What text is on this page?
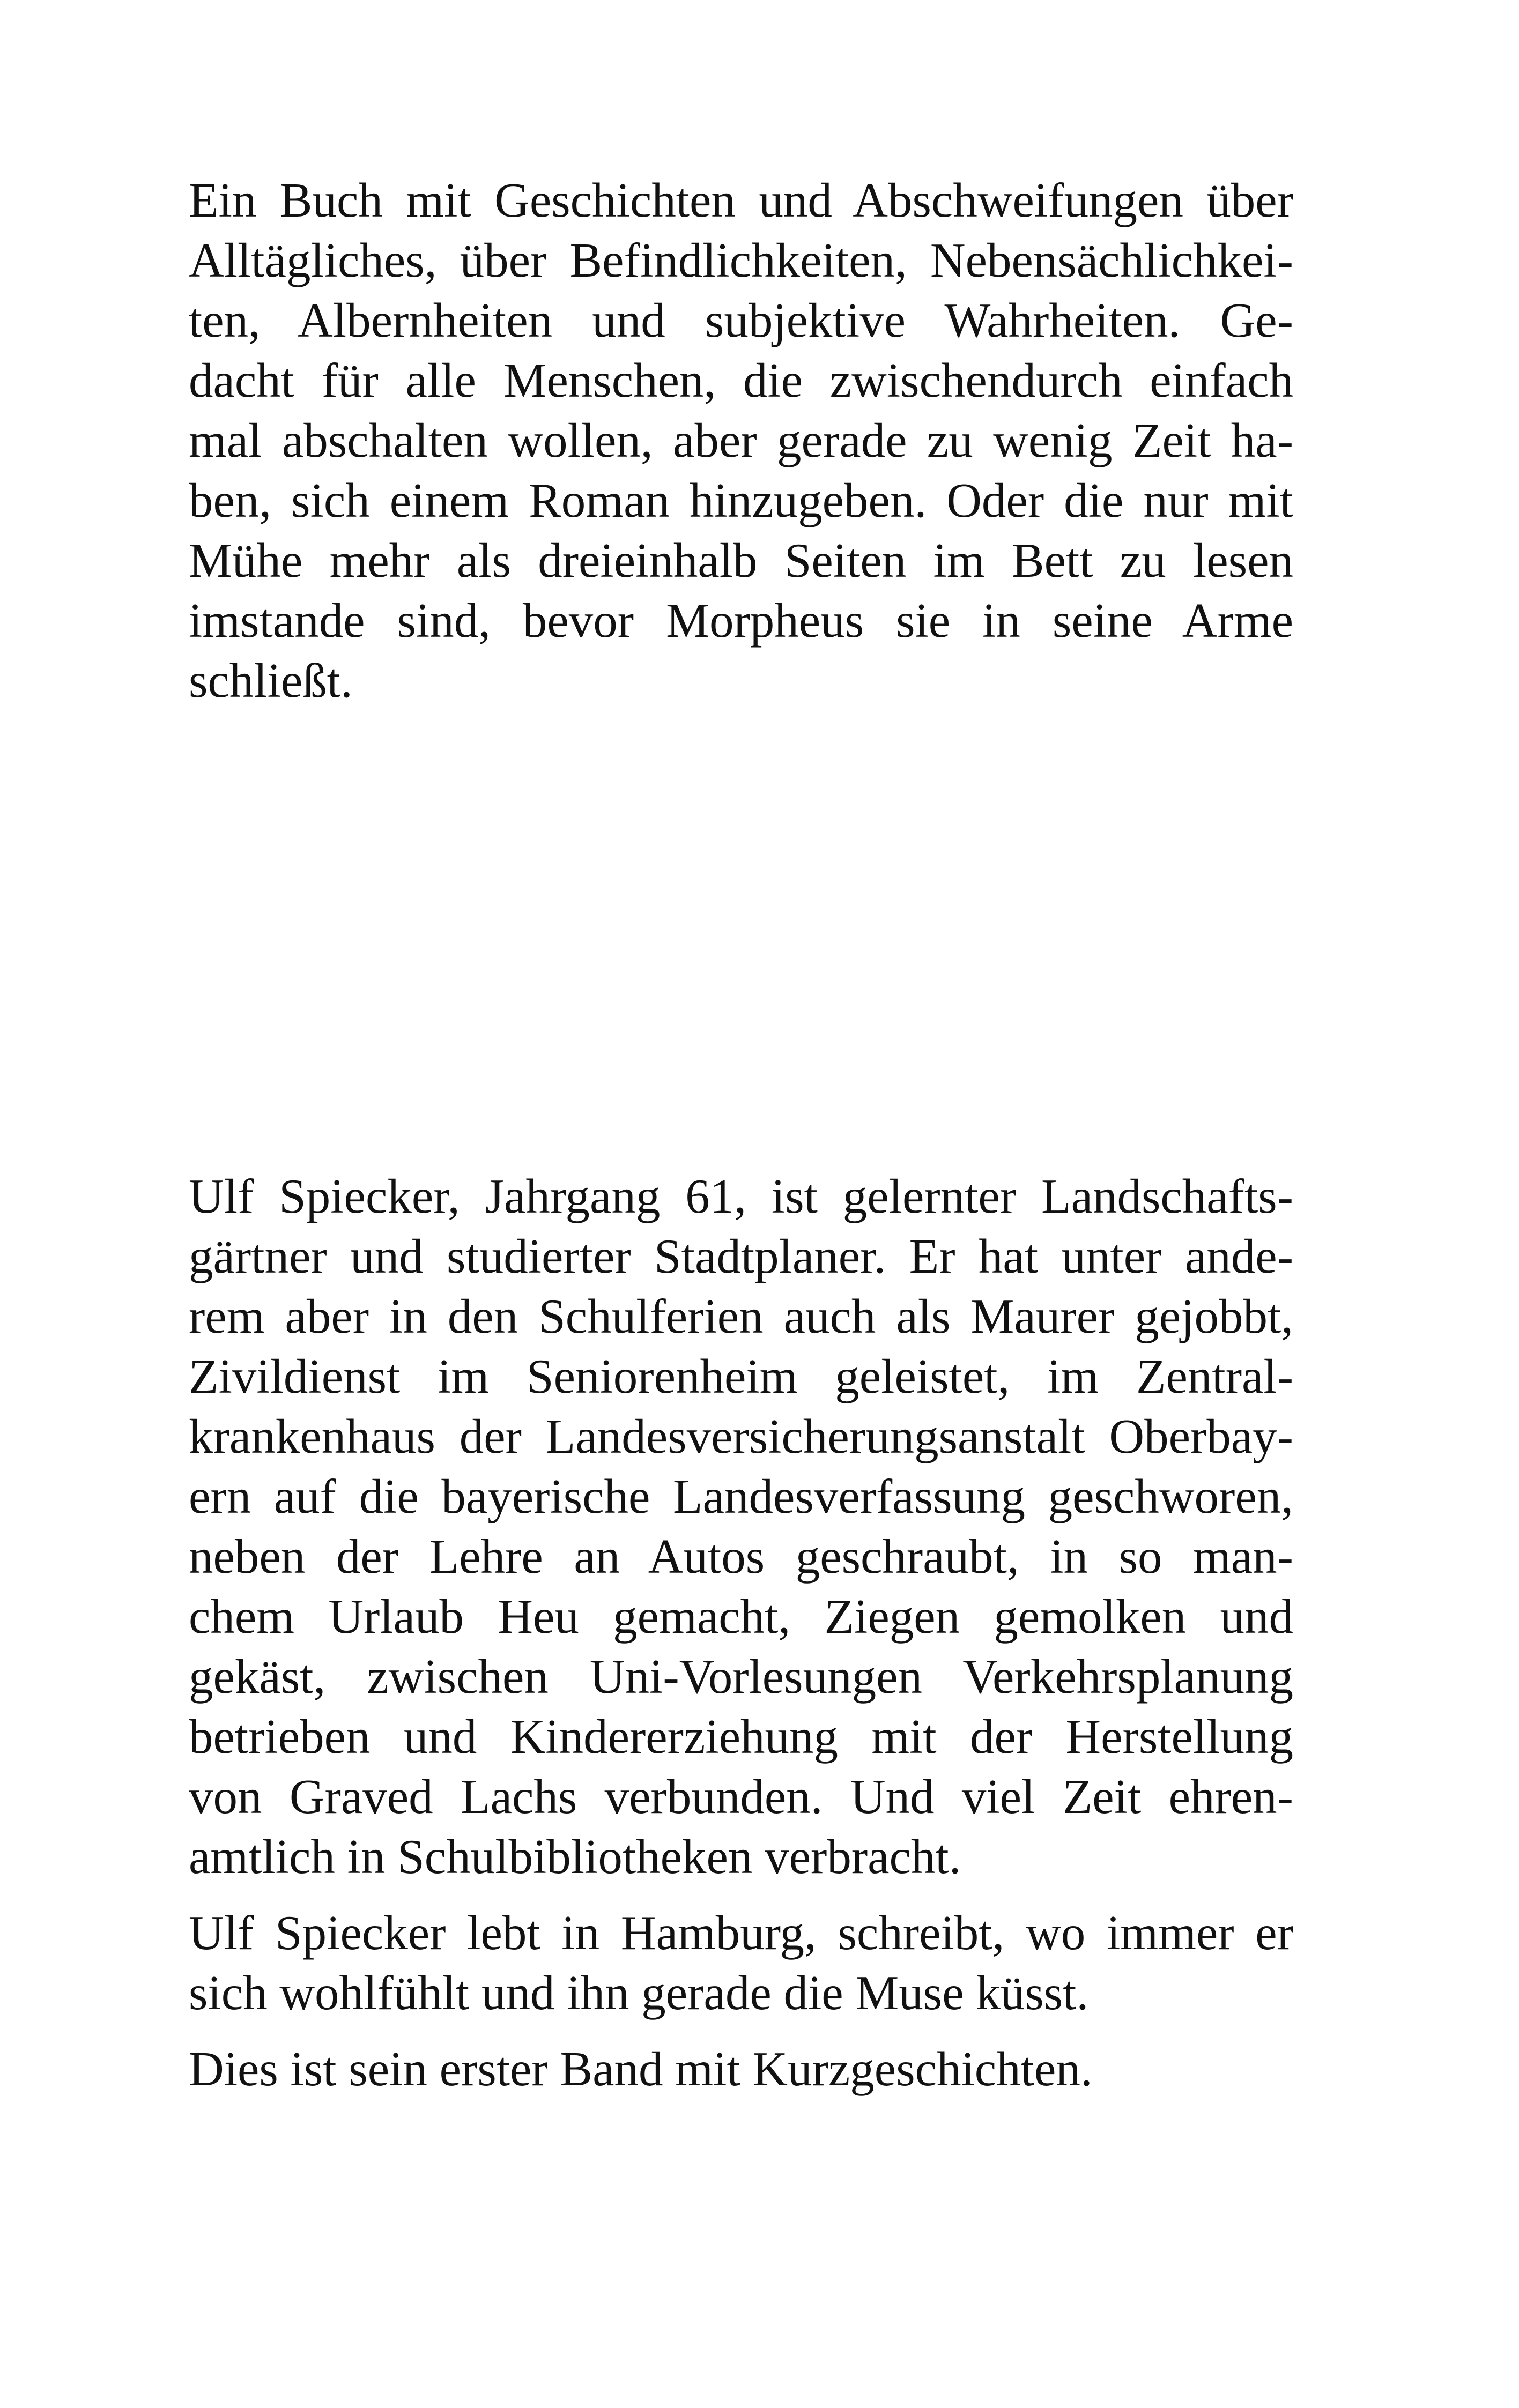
Ein Buch mit Geschichten und Abschweifungen über
Alltägliches, über Befindlichkeiten, Nebensächlichkei-
ten, Albernheiten und subjektive Wahrheiten. Ge-
dacht für alle Menschen, die zwischendurch einfach
mal abschalten wollen, aber gerade zu wenig Zeit ha-
ben, sich einem Roman hinzugeben. Oder die nur mit
Mühe mehr als dreieinhalb Seiten im Bett zu lesen
imstande sind, bevor Morpheus sie in seine Arme
schließt.
Ulf Spiecker, Jahrgang 61, ist gelernter Landschafts-
gärtner und studierter Stadtplaner. Er hat unter ande-
rem aber in den Schulferien auch als Maurer gejobbt,
Zivildienst im Seniorenheim geleistet, im Zentral-
krankenhaus der Landesversicherungsanstalt Oberbay-
ern auf die bayerische Landesverfassung geschworen,
neben der Lehre an Autos geschraubt, in so man-
chem Urlaub Heu gemacht, Ziegen gemolken und
gekäst, zwischen Uni-Vorlesungen Verkehrsplanung
betrieben und Kindererziehung mit der Herstellung
von Graved Lachs verbunden. Und viel Zeit ehren-
amtlich in Schulbibliotheken verbracht.
Ulf Spiecker lebt in Hamburg, schreibt, wo immer er
sich wohlfühlt und ihn gerade die Muse küsst.
Dies ist sein erster Band mit Kurzgeschichten.
